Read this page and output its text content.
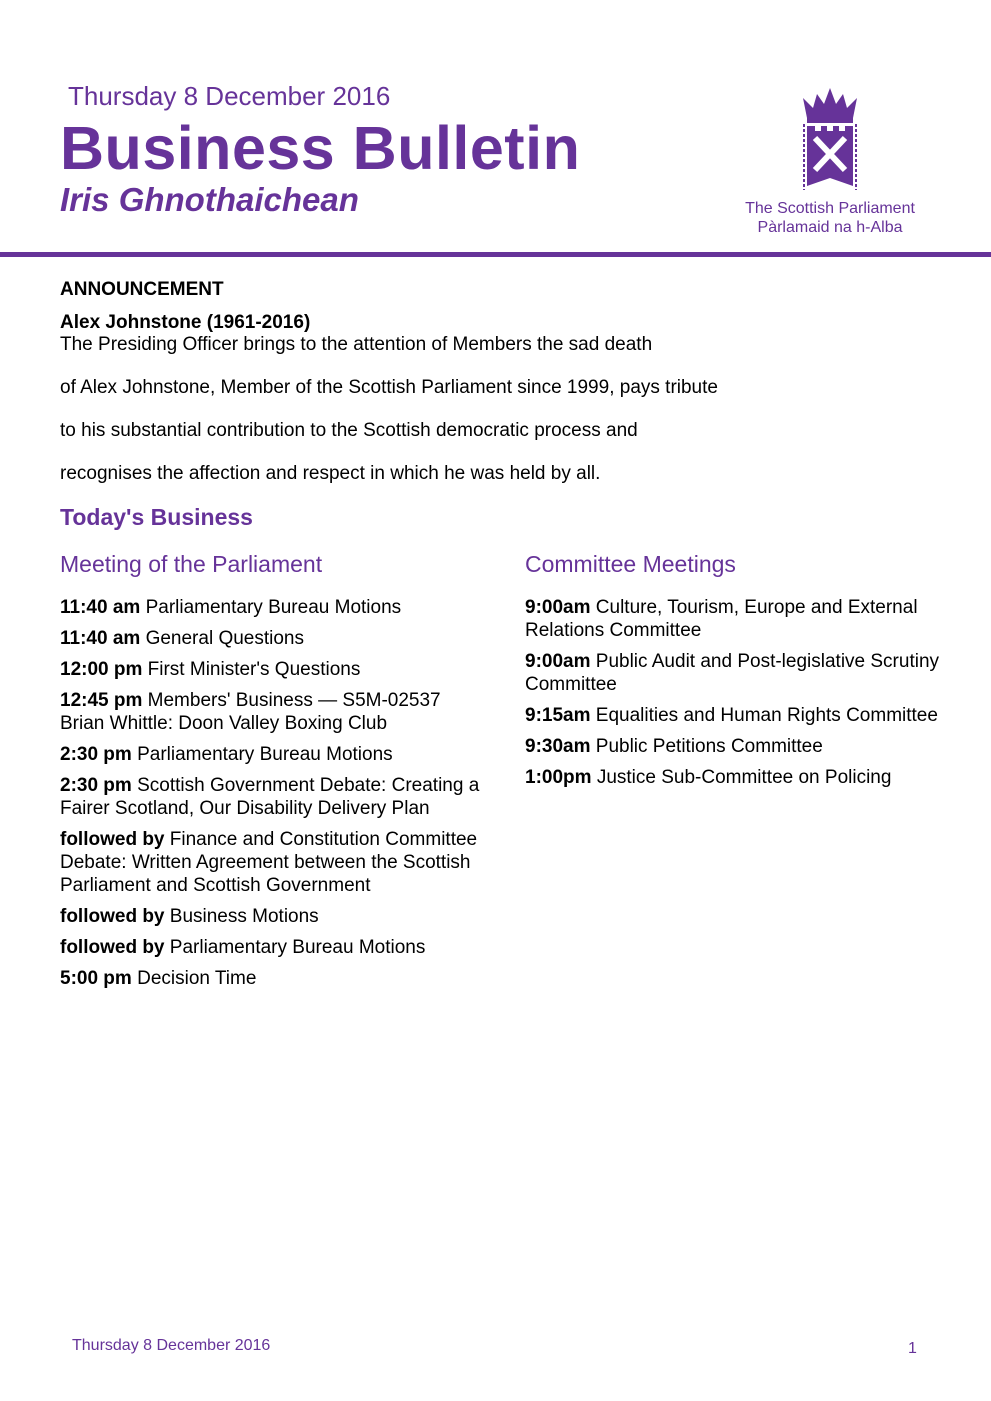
Thursday 8 December 2016
Business Bulletin
Iris Ghnothaichean	The Scottish Parliament
Pàrlamaid na h-Alba
ANNOUNCEMENT
Alex Johnstone (1961-2016)
The Presiding Officer brings to the attention of Members the sad death
of Alex Johnstone, Member of the Scottish Parliament since 1999, pays tribute
to his substantial contribution to the Scottish democratic process and
recognises the affection and respect in which he was held by all.
Today's Business
Meeting of the Parliament	Committee Meetings
11:40 am Parliamentary Bureau Motions
11:40 am General Questions
12:00 pm First Minister's Questions
12:45 pm Members' Business — S5M-02537 Brian Whittle: Doon Valley Boxing Club
2:30 pm Parliamentary Bureau Motions
2:30 pm Scottish Government Debate: Creating a Fairer Scotland, Our Disability Delivery Plan
followed by Finance and Constitution Committee Debate: Written Agreement between the Scottish Parliament and Scottish Government
followed by Business Motions
followed by Parliamentary Bureau Motions
5:00 pm Decision Time
9:00am Culture, Tourism, Europe and External Relations Committee
9:00am Public Audit and Post-legislative Scrutiny Committee
9:15am Equalities and Human Rights Committee
9:30am Public Petitions Committee
1:00pm Justice Sub-Committee on Policing
Thursday 8 December 2016	1
